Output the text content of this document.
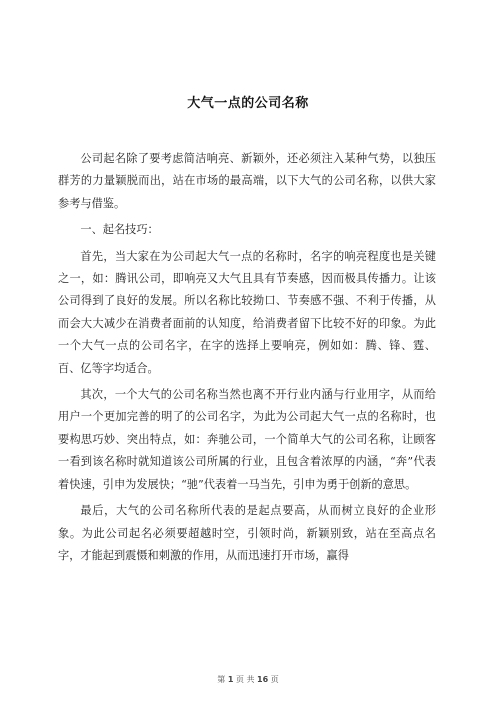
大气一点的公司名称

公司起名除了要考虑简洁响亮、新颖外，还必须注入某种气势，以独压群芳的力量颖脱而出，站在市场的最高端，以下大气的公司名称，以供大家参考与借鉴。

一、起名技巧：

首先，当大家在为公司起大气一点的名称时，名字的响亮程度也是关键之一，如：腾讯公司，即响亮又大气且具有节奏感，因而极具传播力。让该公司得到了良好的发展。所以名称比较拗口、节奏感不强、不利于传播，从而会大大减少在消费者面前的认知度，给消费者留下比较不好的印象。为此一个大气一点的公司名字，在字的选择上要响亮，例如如：腾、锋、霆、百、亿等字均适合。

其次，一个大气的公司名称当然也离不开行业内涵与行业用字，从而给用户一个更加完善的明了的公司名字，为此为公司起大气一点的名称时，也要构思巧妙、突出特点，如：奔驰公司，一个简单大气的公司名称，让顾客一看到该名称时就知道该公司所属的行业，且包含着浓厚的内涵，“奔”代表着快速，引申为发展快；“驰”代表着一马当先，引申为勇于创新的意思。

最后，大气的公司名称所代表的是起点要高，从而树立良好的企业形象。为此公司起名必须要超越时空，引领时尚，新颖别致，站在至高点名字，才能起到震慑和刺激的作用，从而迅速打开市场，赢得

第 1 页 共 16 页
